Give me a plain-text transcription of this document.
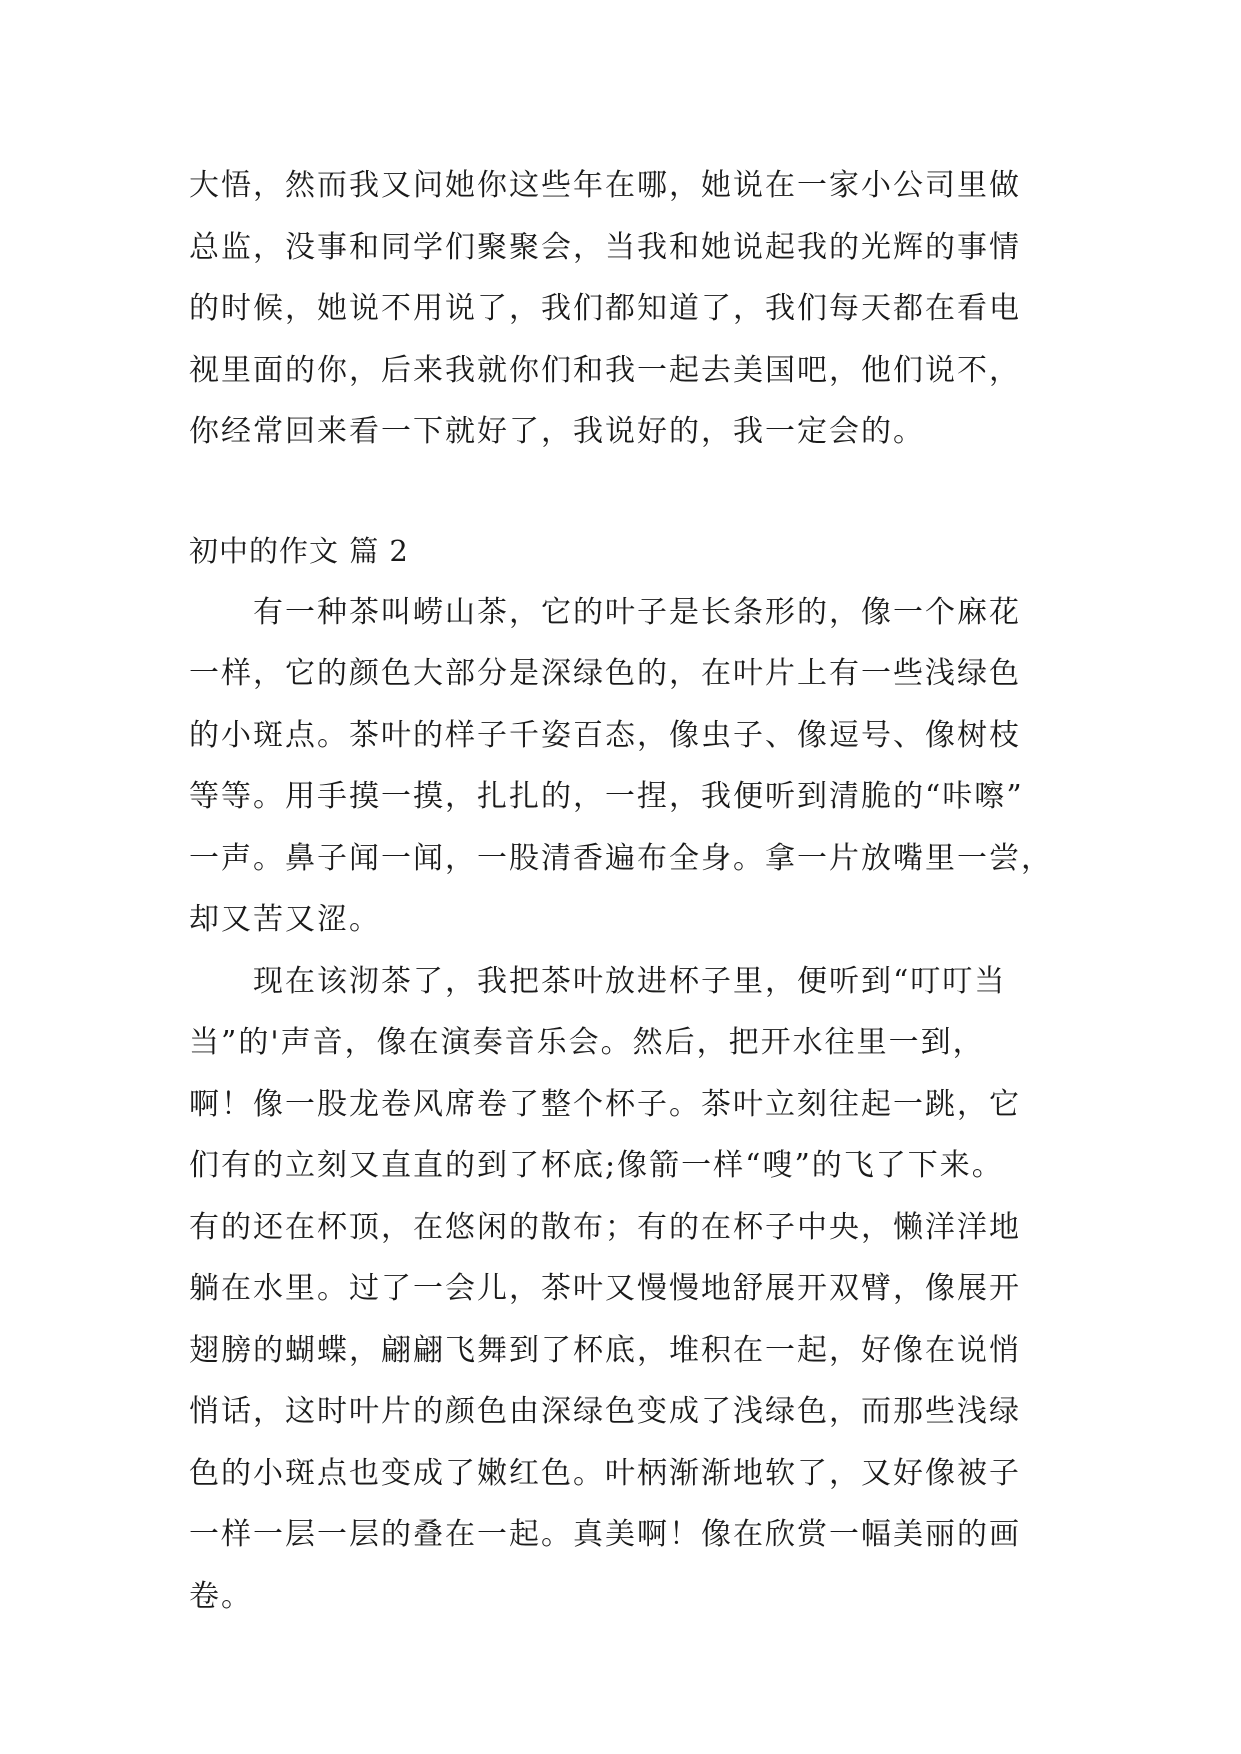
大悟，然而我又问她你这些年在哪，她说在一家小公司里做
总监，没事和同学们聚聚会，当我和她说起我的光辉的事情
的时候，她说不用说了，我们都知道了，我们每天都在看电
视里面的你，后来我就你们和我一起去美国吧，他们说不，
你经常回来看一下就好了，我说好的，我一定会的。
初中的作文 篇 2
有一种茶叫崂山茶，它的叶子是长条形的，像一个麻花
一样，它的颜色大部分是深绿色的，在叶片上有一些浅绿色
的小斑点。茶叶的样子千姿百态，像虫子、像逗号、像树枝
等等。用手摸一摸，扎扎的，一捏，我便听到清脆的“咔嚓”
一声。鼻子闻一闻，一股清香遍布全身。拿一片放嘴里一尝，
却又苦又涩。
现在该沏茶了，我把茶叶放进杯子里，便听到“叮叮当
当”的'声音，像在演奏音乐会。然后，把开水往里一到，
啊！像一股龙卷风席卷了整个杯子。茶叶立刻往起一跳，它
们有的立刻又直直的到了杯底;像箭一样“嗖”的飞了下来。
有的还在杯顶，在悠闲的散布；有的在杯子中央，懒洋洋地
躺在水里。过了一会儿，茶叶又慢慢地舒展开双臂，像展开
翅膀的蝴蝶，翩翩飞舞到了杯底，堆积在一起，好像在说悄
悄话，这时叶片的颜色由深绿色变成了浅绿色，而那些浅绿
色的小斑点也变成了嫩红色。叶柄渐渐地软了，又好像被子
一样一层一层的叠在一起。真美啊！像在欣赏一幅美丽的画
卷。
